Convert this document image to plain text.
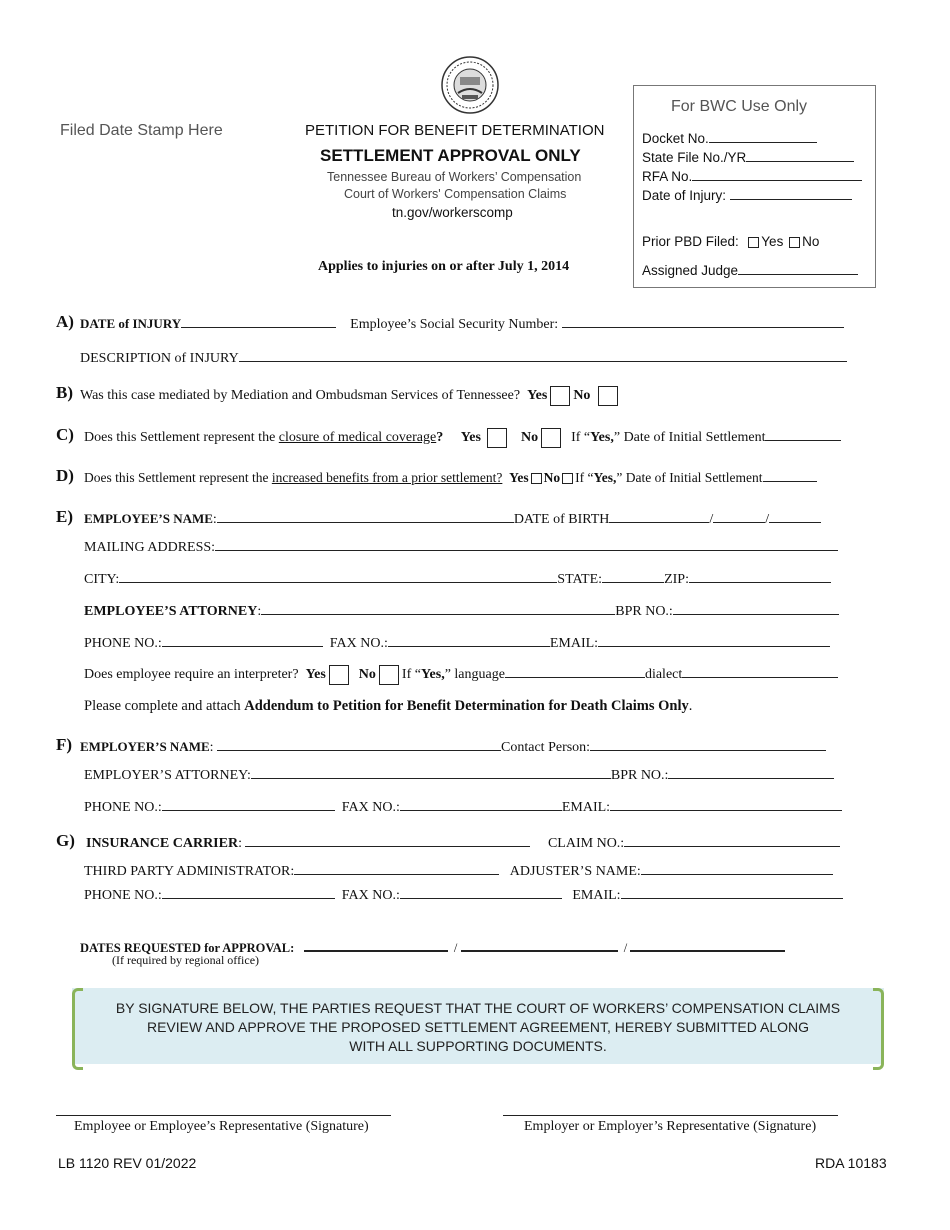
Filed Date Stamp Here	PETITION FOR BENEFIT DETERMINATION
SETTLEMENT APPROVAL ONLY
Tennessee Bureau of Workers’ Compensation
Court of Workers' Compensation Claims
tn.gov/workerscomp
Applies to injuries on or after July 1, 2014
For BWC Use Only
Docket No.
State File No./YR
RFA No.
Date of Injury:
Prior PBD Filed: Yes No
Assigned Judge
A) DATE of INJURY	Employee’s Social Security Number:
DESCRIPTION of INJURY
B) Was this case mediated by Mediation and Ombudsman Services of Tennessee? Yes No
C) Does this Settlement represent the closure of medical coverage? Yes	No If “Yes,” Date of Initial Settlement
D) Does this Settlement represent the increased benefits from a prior settlement? Yes No If “Yes,” Date of Initial Settlement
E) EMPLOYEE’S NAME:	DATE of BIRTH	/	/
MAILING ADDRESS:
CITY:	STATE:	ZIP:
EMPLOYEE’S ATTORNEY:	BPR NO.:
PHONE NO.:	FAX NO.:	EMAIL:
Does employee require an interpreter? Yes No If “Yes,” language	dialect
Please complete and attach Addendum to Petition for Benefit Determination for Death Claims Only.
F) EMPLOYER’S NAME:	Contact Person:
EMPLOYER’S ATTORNEY:	BPR NO.:
PHONE NO.:	FAX NO.:	EMAIL:
G) INSURANCE CARRIER:	CLAIM NO.:
THIRD PARTY ADMINISTRATOR:	ADJUSTER’S NAME:
PHONE NO.:	FAX NO.:	EMAIL:
DATES REQUESTED for APPROVAL:	/	/
(If required by regional office)
BY SIGNATURE BELOW, THE PARTIES REQUEST THAT THE COURT OF WORKERS’ COMPENSATION CLAIMS
REVIEW AND APPROVE THE PROPOSED SETTLEMENT AGREEMENT, HEREBY SUBMITTED ALONG
WITH ALL SUPPORTING DOCUMENTS.
Employee or Employee’s Representative (Signature)	Employer or Employer’s Representative (Signature)
LB 1120 REV 01/2022	RDA 10183
